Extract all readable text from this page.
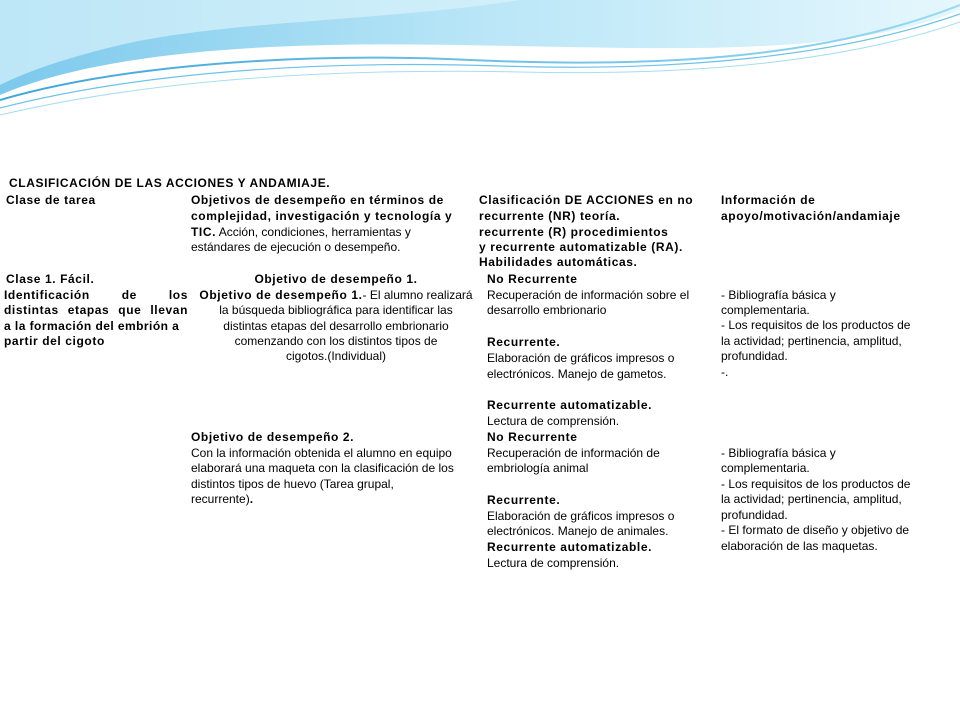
CLASIFICACIÓN DE LAS ACCIONES Y ANDAMIAJE.
Clase de tarea	Objetivos de desempeño en términos de
complejidad, investigación y tecnología y
TIC. Acción, condiciones, herramientas y
estándares de ejecución o desempeño.
Clasificación DE ACCIONES en no
recurrente (NR) teoría.
recurrente (R) procedimientos
y recurrente automatizable (RA).
Habilidades automáticas.
Información de
apoyo/motivación/andamiaje
Clase 1. Fácil.
Identificación de los
distintas etapas que llevan
a la formación del embrión a
partir del cigoto
Objetivo de desempeño 1.
Objetivo de desempeño 1.- El alumno realizará
la búsqueda bibliográfica para identificar las
distintas etapas del desarrollo embrionario
comenzando con los distintos tipos de
cigotos.(Individual)
No Recurrente
Recuperación de información sobre el
desarrollo embrionario
Recurrente.
Elaboración de gráficos impresos o
electrónicos. Manejo de gametos.
Recurrente automatizable.
Lectura de comprensión.
- Bibliografía básica y
complementaria.
- Los requisitos de los productos de
la actividad; pertinencia, amplitud,
profundidad.
-.
Objetivo de desempeño 2.
Con la información obtenida el alumno en equipo
elaborará una maqueta con la clasificación de los
distintos tipos de huevo (Tarea grupal,
recurrente).
No Recurrente
Recuperación de información de
embriología animal
Recurrente.
Elaboración de gráficos impresos o
electrónicos. Manejo de animales.
Recurrente automatizable.
Lectura de comprensión.
- Bibliografía básica y
complementaria.
- Los requisitos de los productos de
la actividad; pertinencia, amplitud,
profundidad.
- El formato de diseño y objetivo de
elaboración de las maquetas.
